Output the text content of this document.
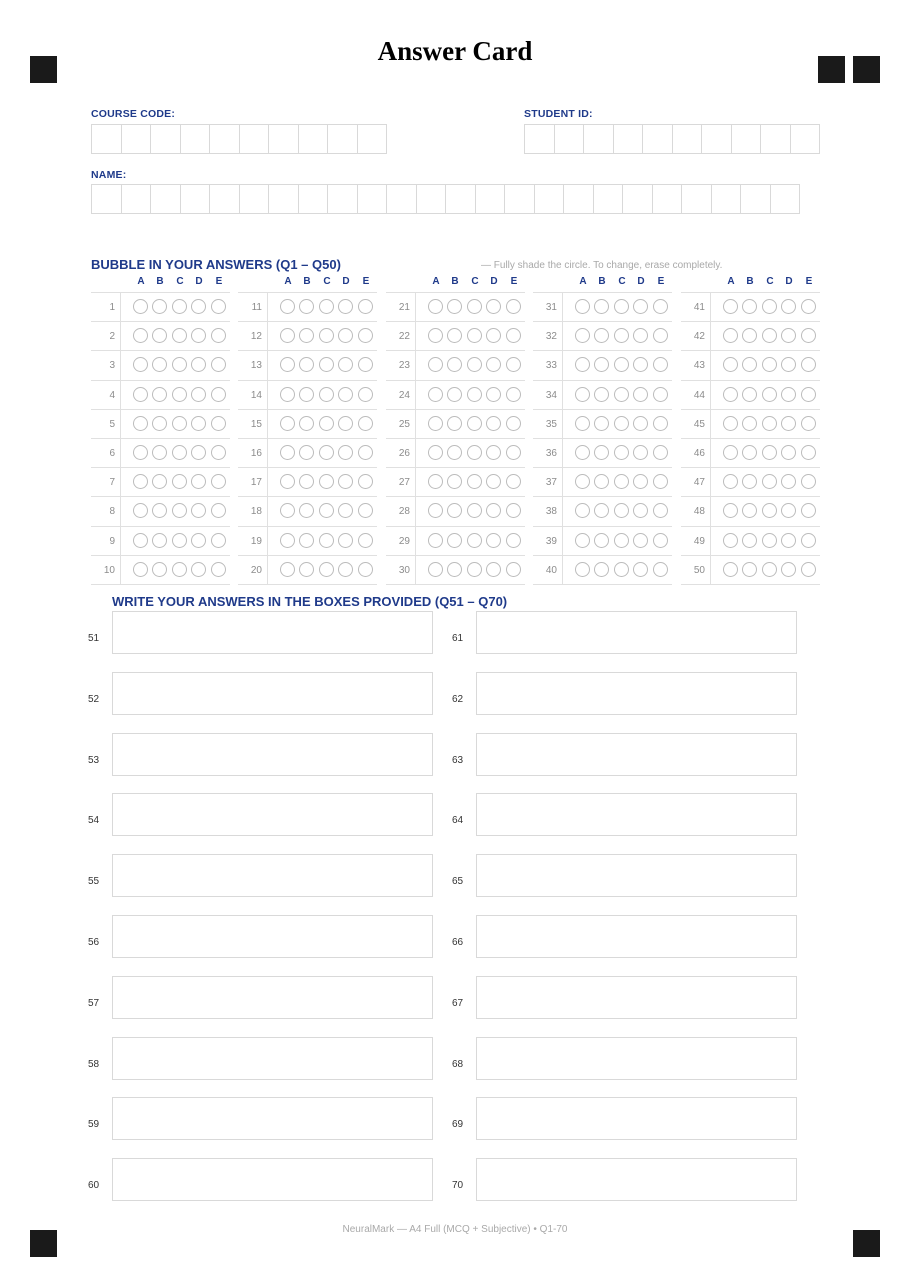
Answer Card
COURSE CODE:	STUDENT ID:
NAME:
BUBBLE IN YOUR ANSWERS (Q1 – Q50)	— Fully shade the circle. To change, erase completely.
A	B	C	D	E
1
2
3
4
5
6
7
8
9
10
A	B	C	D	E
11
12
13
14
15
16
17
18
19
20
A	B	C	D	E
21
22
23
24
25
26
27
28
29
30
A	B	C	D	E
31
32
33
34
35
36
37
38
39
40
A	B	C	D	E
41
42
43
44
45
46
47
48
49
50
WRITE YOUR ANSWERS IN THE BOXES PROVIDED (Q51 – Q70)
51
52
53
54
55
56
57
58
59
60
61
62
63
64
65
66
67
68
69
70
NeuralMark — A4 Full (MCQ + Subjective) • Q1-70
